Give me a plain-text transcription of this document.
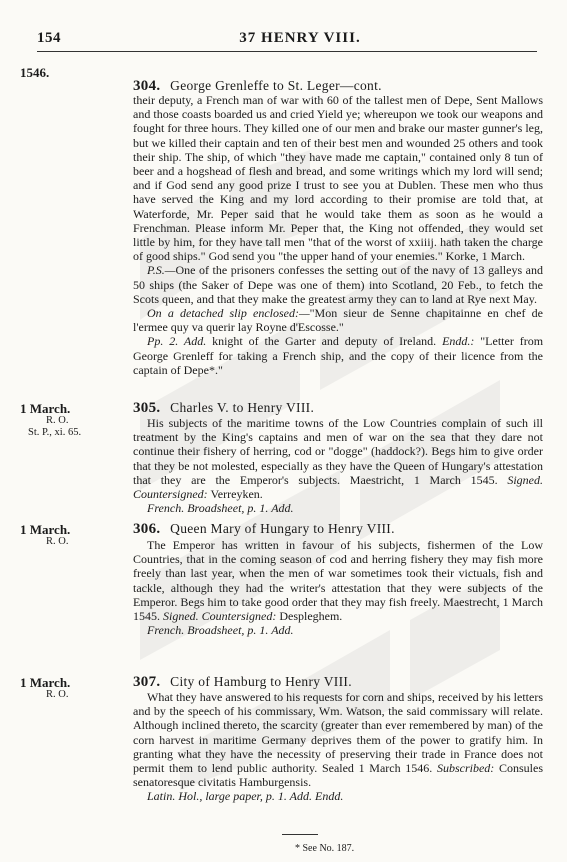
154	37 HENRY VIII.
1546.
304. George Grenleffe to St. Leger—cont.

their deputy, a French man of war with 60 of the tallest men of Depe, Sent Mallows and those coasts boarded us and cried Yield ye; whereupon we took our weapons and fought for three hours. They killed one of our men and brake our master gunner's leg, but we killed their captain and ten of their best men and wounded 25 others and took their ship. The ship, of which "they have made me captain," contained only 8 tun of beer and a hogshead of flesh and bread, and some writings which my lord will send; and if God send any good prize I trust to see you at Dublen. These men who thus have served the King and my lord according to their promise are told that, at Waterforde, Mr. Peper said that he would take them as soon as he would a Frenchman. Please inform Mr. Peper that, the King not offended, they would set little by him, for they have tall men "that of the worst of xxiiij. hath taken the charge of good ships." God send you "the upper hand of your enemies." Korke, 1 March.

P.S.—One of the prisoners confesses the setting out of the navy of 13 galleys and 50 ships (the Saker of Depe was one of them) into Scotland, 20 Feb., to fetch the Scots queen, and that they make the greatest army they can to land at Rye next May.

On a detached slip enclosed:—"Mon sieur de Senne chapitainne en chef de l'ermee quy va querir lay Royne d'Escosse."

Pp. 2. Add. knight of the Garter and deputy of Ireland. Endd.: "Letter from George Grenleff for taking a French ship, and the copy of their licence from the captain of Depe*."

1 March.
R. O.
St. P., xi. 65.
305. Charles V. to Henry VIII.

His subjects of the maritime towns of the Low Countries complain of such ill treatment by the King's captains and men of war on the sea that they dare not continue their fishery of herring, cod or "dogge" (haddock?). Begs him to give order that they be not molested, especially as they have the Queen of Hungary's attestation that they are the Emperor's subjects. Maestricht, 1 March 1545. Signed. Countersigned: Verreyken.

French. Broadsheet, p. 1. Add.

1 March.
R. O.
306. Queen Mary of Hungary to Henry VIII.

The Emperor has written in favour of his subjects, fishermen of the Low Countries, that in the coming season of cod and herring fishery they may fish more freely than last year, when the men of war sometimes took their victuals, fish and tackle, although they had the writer's attestation that they were subjects of the Emperor. Begs him to take good order that they may fish freely. Maestrecht, 1 March 1545. Signed. Countersigned: Despleghem.

French. Broadsheet, p. 1. Add.

1 March.
R. O.
307. City of Hamburg to Henry VIII.

What they have answered to his requests for corn and ships, received by his letters and by the speech of his commissary, Wm. Watson, the said commissary will relate. Although inclined thereto, the scarcity (greater than ever remembered by man) of the corn harvest in maritime Germany deprives them of the power to gratify him. In granting what they have the necessity of preserving their trade in France does not permit them to lend public authority. Sealed 1 March 1546. Subscribed: Consules senatoresque civitatis Hamburgensis.

Latin. Hol., large paper, p. 1. Add. Endd.

* See No. 187.
